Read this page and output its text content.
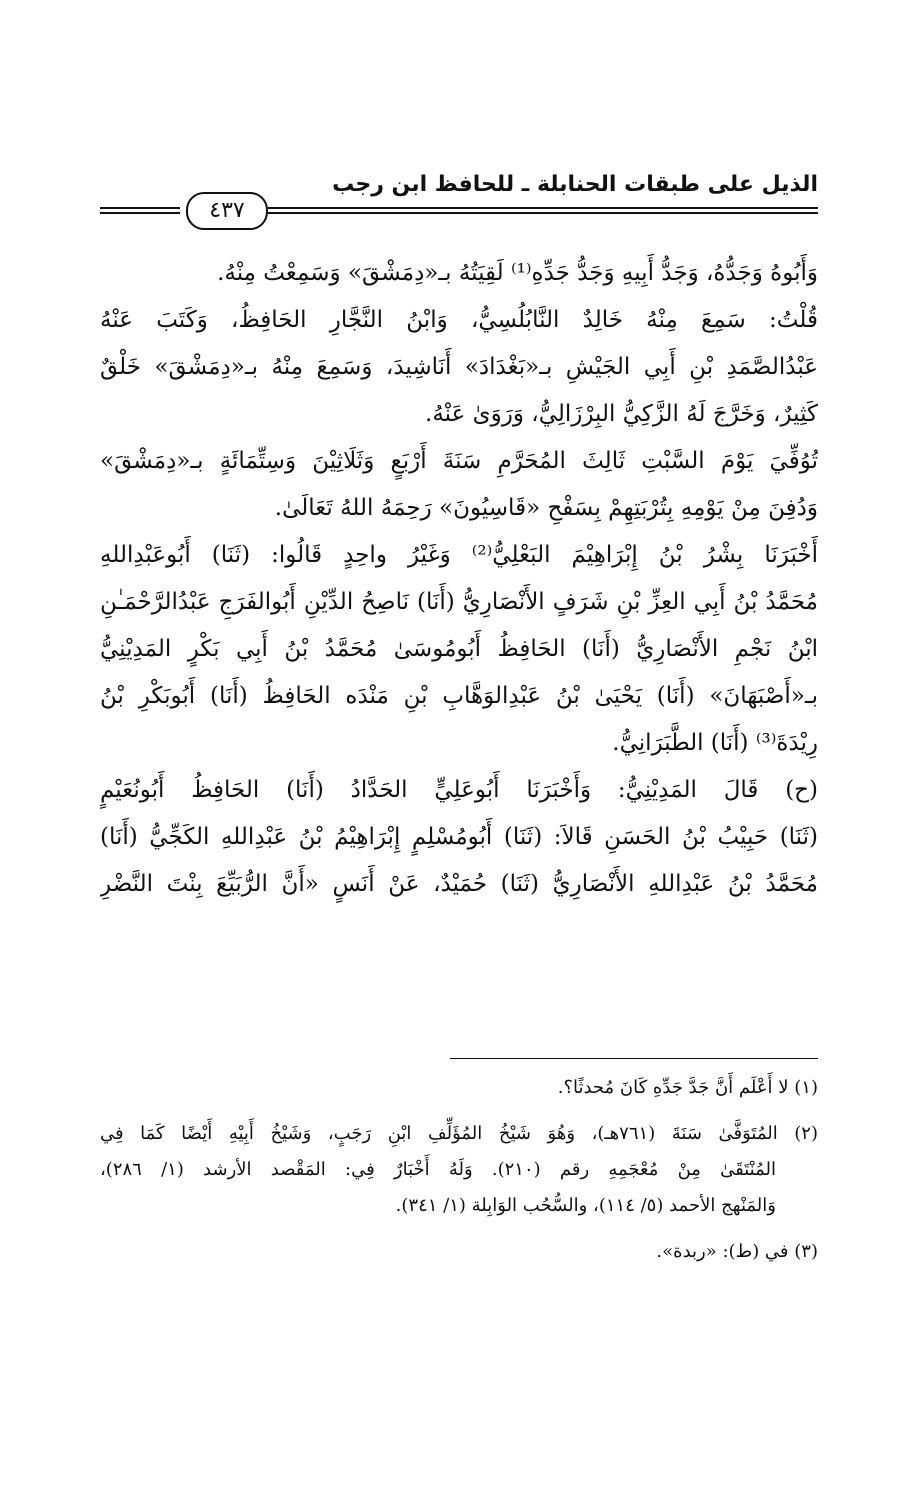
الذيل على طبقات الحنابلة ـ للحافظ ابن رجب
٤٣٧
وَأَبُوهُ وَجَدُّهُ، وَجَدُّ أَبِيهِ وَجَدُّ جَدِّهِ⁽¹⁾ لَقِيَتُهُ بـ«دِمَشْقَ» وَسَمِعْتُ مِنْهُ.
قُلْتُ: سَمِعَ مِنْهُ خَالِدٌ النَّابُلُسِيُّ، وَابْنُ النَّجَّارِ الحَافِظُ، وَكَتَبَ عَنْهُ
عَبْدُالصَّمَدِ بْنِ أَبِي الجَيْشِ بـ«بَغْدَادَ» أَنَاشِيدَ، وَسَمِعَ مِنْهُ بـ«دِمَشْقَ» خَلْقٌ
كَثِيرٌ، وَخَرَّجَ لَهُ الزَّكِيُّ البِرْزَالِيُّ، وَرَوَىٰ عَنْهُ.
تُوُفِّيَ يَوْمَ السَّبْتِ ثَالِثَ المُحَرَّمِ سَنَةَ أَرْبَعٍ وَثَلَاثِيْنَ وَسِتِّمَائَةٍ بـ«دِمَشْقَ»
وَدُفِنَ مِنْ يَوْمِهِ بِتُرْبَتِهِمْ بِسَفْحِ «قَاسِيُونَ» رَحِمَهُ اللهُ تَعَالَىٰ.
أَخْبَرَنَا بِشْرُ بْنُ إِبْرَاهِيْمَ البَعْلِيُّ⁽²⁾ وَغَيْرُ واحِدٍ قَالُوا: (ثَنَا) أَبُوعَبْدِاللهِ
مُحَمَّدُ بْنُ أَبِي العِزِّ بْنِ شَرَفٍ الأَنْصَارِيُّ (أَنَا) نَاصِحُ الدِّيْنِ أَبُوالفَرَجِ عَبْدُالرَّحْمَـٰنِ
ابْنُ نَجْمِ الأَنْصَارِيُّ (أَنَا) الحَافِظُ أَبُومُوسَىٰ مُحَمَّدُ بْنُ أَبِي بَكْرٍ المَدِيْنِيُّ
بـ«أَصْبَهَانَ» (أَنَا) يَحْيَىٰ بْنُ عَبْدِالوَهَّابِ بْنِ مَنْدَه الحَافِظُ (أَنَا) أَبُوبَكْرِ بْنُ
رِيْدَةَ⁽³⁾ (أَنَا) الطَّبَرَانِيُّ.
(ح) قَالَ المَدِيْنِيُّ: وَأَخْبَرَنَا أَبُوعَلِيٍّ الحَدَّادُ (أَنَا) الحَافِظُ أَبُونُعَيْمٍ
(ثَنَا) حَبِيْبُ بْنُ الحَسَنِ قَالاَ: (ثَنَا) أَبُومُسْلِمٍ إِبْرَاهِيْمُ بْنُ عَبْدِاللهِ الكَجِّيُّ (أَنَا)
مُحَمَّدُ بْنُ عَبْدِاللهِ الأَنْصَارِيُّ (ثَنَا) حُمَيْدٌ، عَنْ أَنَسٍ «أَنَّ الرُّبَيِّعَ بِنْتَ النَّضْرِ
(١) لا أَعْلَم أَنَّ جَدَّ جَدِّهِ كَانَ مُحدثًا؟.
(٢) المُتَوَفَّىٰ سَنَةَ (٧٦١هـ)، وَهُوَ شَيْخُ المُؤَلِّفِ ابْنِ رَجَبٍ، وَشَيْخُ أَبِيْهِ أَيْضًا كَمَا فِي
المُنْتَقَىٰ مِنْ مُعْجَمِهِ رقم (٢١٠). وَلَهُ أَخْبَارٌ فِي: المَقْصد الأرشد (١/ ٢٨٦)،
وَالمَنْهج الأحمد (٥/ ١١٤)، والسُّحُب الوَابِلة (١/ ٣٤١).
(٣) في (ط): «ربدة».
